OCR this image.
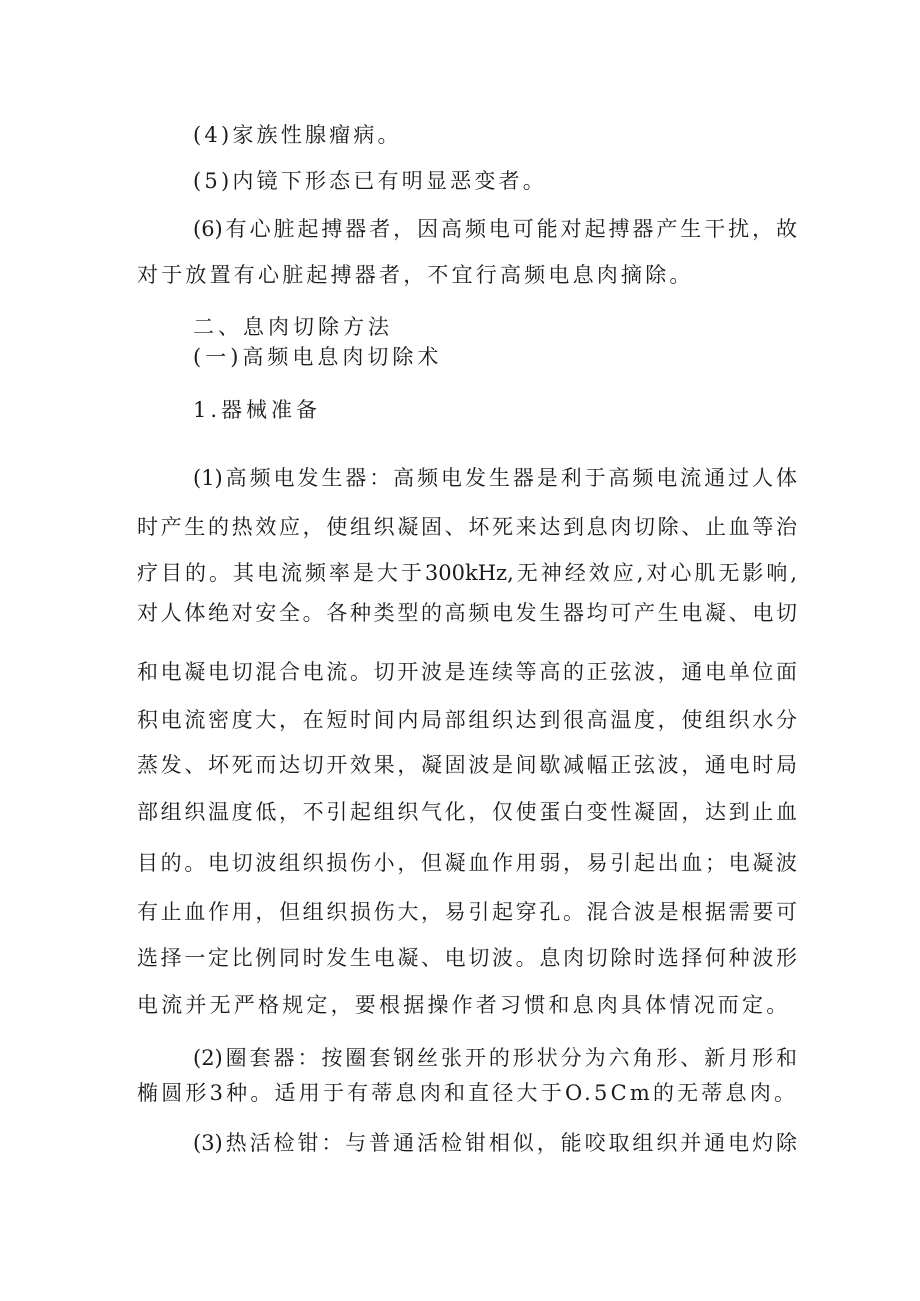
(4)家族性腺瘤病。
(5)内镜下形态已有明显恶变者。
(6)有心脏起搏器者，因高频电可能对起搏器产生干扰，故
对于放置有心脏起搏器者，不宜行高频电息肉摘除。
二、息肉切除方法
(一)高频电息肉切除术
1.器械准备
(1)高频电发生器：高频电发生器是利于高频电流通过人体
时产生的热效应，使组织凝固、坏死来达到息肉切除、止血等治
疗目的。其电流频率是大于300kHz,无神经效应,对心肌无影响,
对人体绝对安全。各种类型的高频电发生器均可产生电凝、电切
和电凝电切混合电流。切开波是连续等高的正弦波，通电单位面
积电流密度大，在短时间内局部组织达到很高温度，使组织水分
蒸发、坏死而达切开效果，凝固波是间歇减幅正弦波，通电时局
部组织温度低，不引起组织气化，仅使蛋白变性凝固，达到止血
目的。电切波组织损伤小，但凝血作用弱，易引起出血；电凝波
有止血作用，但组织损伤大，易引起穿孔。混合波是根据需要可
选择一定比例同时发生电凝、电切波。息肉切除时选择何种波形
电流并无严格规定，要根据操作者习惯和息肉具体情况而定。
(2)圈套器：按圈套钢丝张开的形状分为六角形、新月形和
椭圆形3种。适用于有蒂息肉和直径大于O.5Cm的无蒂息肉。
(3)热活检钳：与普通活检钳相似，能咬取组织并通电灼除
